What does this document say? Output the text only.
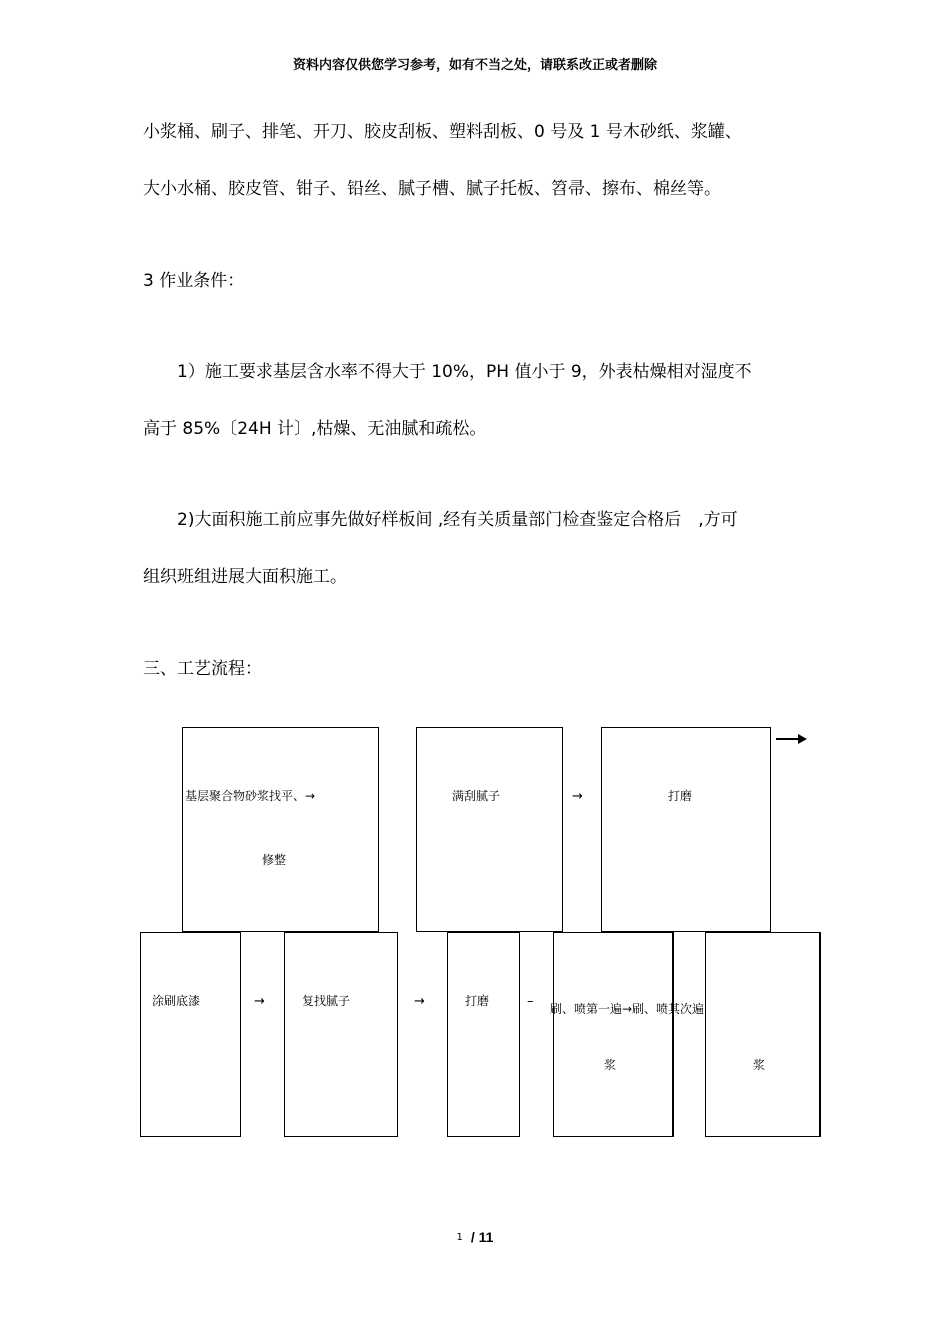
资料内容仅供您学习参考，如有不当之处，请联系改正或者删除
小浆桶、刷子、排笔、开刀、胶皮刮板、塑料刮板、0 号及 1 号木砂纸、浆罐、
大小水桶、胶皮管、钳子、铅丝、腻子槽、腻子托板、笤帚、擦布、棉丝等。
3 作业条件：
1）施工要求基层含水率不得大于 10%，PH 值小于 9，外表枯燥相对湿度不
高于 85%〔24H 计〕,枯燥、无油腻和疏松。
2)大面积施工前应事先做好样板间 ,经有关质量部门检查鉴定合格后　,方可
组织班组进展大面积施工。
三、工艺流程：
基层聚合物砂浆找平、→
修整
满刮腻子	→	打磨
涂刷底漆	→	复找腻子	→	打磨	– 刷、喷第一遍→刷、喷其次遍
浆	浆
1 / 11
